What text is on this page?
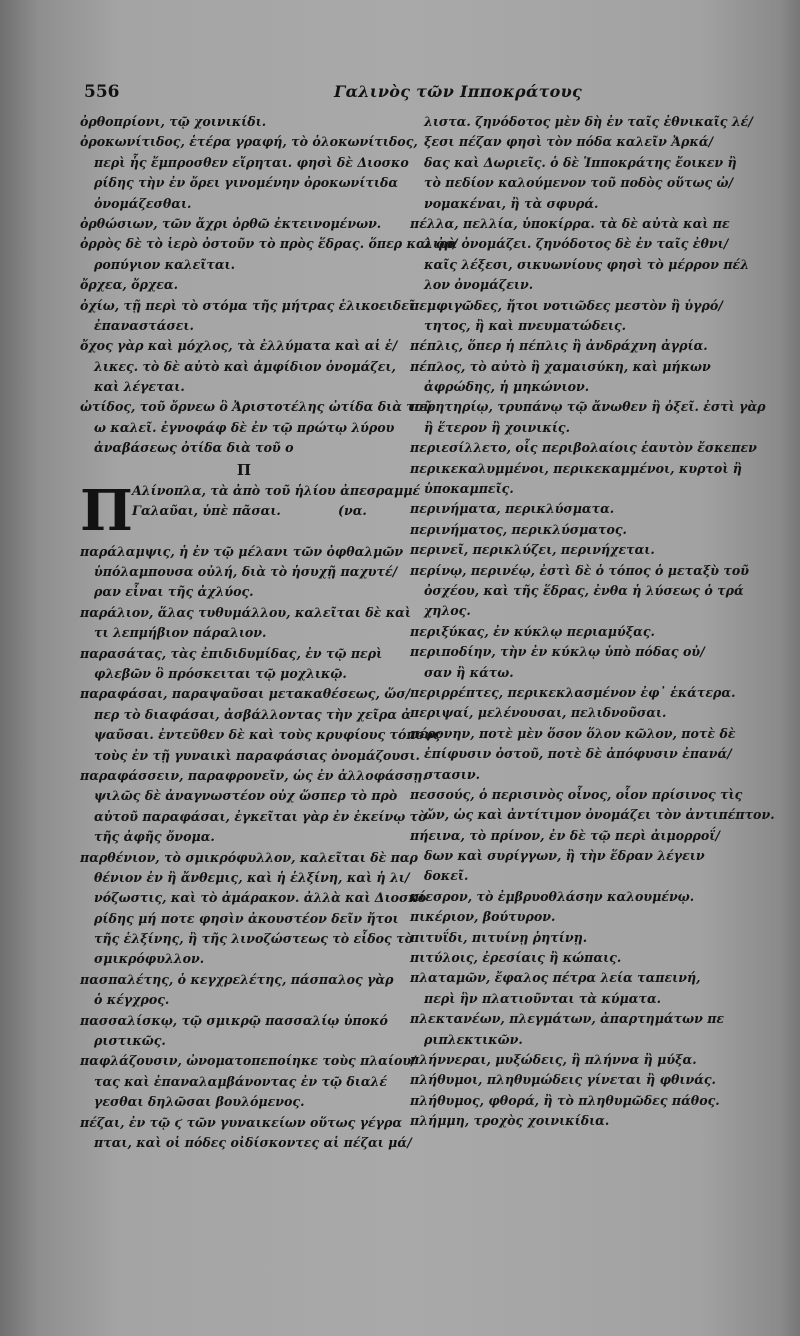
556	Γαλινὸς τῶν Ιπποκράτους
ὀρθοπρίονι, τῷ χοινικίδι.
ὀροκωνίτιδος, ἑτέρα γραφή, τὸ ὁλοκωνίτιδος,
περὶ ἧς ἔμπροσθεν εἴρηται. φησὶ δὲ Διοσκο
ρίδης τὴν ἐν ὄρει γινομένην ὀροκωνίτιδα
ὀνομάζεσθαι.
ὀρθώσιων, τῶν ἄχρι ὀρθῶ ἐκτεινομένων.
ὀρρὸς δὲ τὸ ἱερὸ ὀστοῦν τὸ πρὸς ἕδρας. ὅπερ καὶ ὀρ/
ροπύγιον καλεῖται.
ὄρχεα, ὄρχεα.
ὀχίω, τῇ περὶ τὸ στόμα τῆς μήτρας ἑλικοειδεῖ
ἐπαναστάσει.
ὄχος γὰρ καὶ μόχλος, τὰ ἐλλύματα καὶ αἱ ἑ/
λικες. τὸ δὲ αὐτὸ καὶ ἀμφίδιον ὀνομάζει,
καὶ λέγεται.
ὠτίδος, τοῦ ὄρνεω ὃ Ἀριστοτέλης ὠτίδα διὰ τοῦ
ω καλεῖ. ἐγνοφάφ δὲ ἐν τῷ πρώτῳ λύρου
ἀναβάσεως ὀτίδα διὰ τοῦ ο
Π
Π Αλίνοπλα, τὰ ἀπὸ τοῦ ἡλίου ἀπεσραμμέ
Γαλαῦαι, ὑπὲ πᾶσαι.	(να.
παράλαμψις, ἡ ἐν τῷ μέλανι τῶν ὀφθαλμῶν
ὑπόλαμπουσα οὐλή, διὰ τὸ ἡσυχῇ παχυτέ/
ραν εἶναι τῆς ἀχλύος.
παράλιον, ἅλας τυθυμάλλου, καλεῖται δὲ καὶ
τι λεπμήβιον πάραλιον.
παρασάτας, τὰς ἐπιδιδυμίδας, ἐν τῷ περὶ
φλεβῶν ὃ πρόσκειται τῷ μοχλικῷ.
παραφάσαι, παραψαῦσαι μετακαθέσεως, ὥσ/
περ τὸ διαφάσαι, ἀσβάλλοντας τὴν χεῖρα ἀ
ψαῦσαι. ἐντεῦθεν δὲ καὶ τοὺς κρυφίους τόπους
τοὺς ἐν τῇ γυναικὶ παραφάσιας ὀνομάζουσι.
παραφάσσειν, παραφρονεῖν, ὡς ἐν ἀλλοφάσσῃ.
ψιλῶς δὲ ἀναγνωστέον οὐχ ὥσπερ τὸ πρὸ
αὐτοῦ παραφάσαι, ἐγκεῖται γὰρ ἐν ἐκείνῳ τὸ
τῆς ἀφῆς ὄνομα.
παρθένιον, τὸ σμικρόφυλλον, καλεῖται δὲ παρ
θένιον ἐν ἢ ἄνθεμις, καὶ ἡ ἑλξίνη, καὶ ἡ λι/
νόζωστις, καὶ τὸ ἀμάρακον. ἀλλὰ καὶ Διοσκο
ρίδης μή ποτε φησὶν ἀκουστέον δεῖν ἤτοι
τῆς ἑλξίνης, ἢ τῆς λινοζώστεως τὸ εἶδος τὸ
σμικρόφυλλον.
πασπαλέτης, ὁ κεγχρελέτης, πάσπαλος γὰρ
ὁ κέγχρος.
πασσαλίσκῳ, τῷ σμικρῷ πασσαλίῳ ὑποκό
ριστικῶς.
παφλάζουσιν, ὠνοματοπεποίηκε τοὺς πλαίου/
τας καὶ ἐπαναλαμβάνοντας ἐν τῷ διαλέ
γεσθαι δηλῶσαι βουλόμενος.
πέζαι, ἐν τῷ ϛ τῶν γυναικείων οὕτως γέγρα
πται, καὶ οἱ πόδες οἰδίσκοντες αἱ πέζαι μά/
λιστα. ζηνόδοτος μὲν δὴ ἐν ταῖς ἐθνικαῖς λέ/
ξεσι πέζαν φησὶ τὸν πόδα καλεῖν Ἀρκά/
δας καὶ Δωριεῖς. ὁ δὲ Ἱπποκράτης ἔοικεν ἢ
τὸ πεδίον καλούμενον τοῦ ποδὸς οὕτως ὠ/
νομακέναι, ἢ τὰ σφυρά.
πέλλα, πελλία, ὑποκίρρα. τὰ δὲ αὐτὰ καὶ πε
λιρὰ ὀνομάζει. ζηνόδοτος δὲ ἐν ταῖς ἐθνι/
καῖς λέξεσι, σικυωνίους φησὶ τὸ μέρρον πέλ
λον ὀνομάζειν.
πεμφιγῶδες, ἤτοι νοτιῶδες μεστὸν ἢ ὑγρό/
τητος, ἢ καὶ πνευματώδεις.
πέπλις, ὅπερ ἡ πέπλις ἢ ἀνδράχνη ἀγρία.
πέπλος, τὸ αὐτὸ ἢ χαμαισύκη, καὶ μήκων
ἀφρώδης, ἡ μηκώνιον.
περητηρίῳ, τρυπάνῳ τῷ ἄνωθεν ἢ ὀξεῖ. ἐστὶ γὰρ
ἢ ἕτερον ἢ χοινικίς.
περιεσίλλετο, οἷς περιβολαίοις ἑαυτὸν ἔσκεπεν
περικεκαλυμμένοι, περικεκαμμένοι, κυρτοὶ ἢ
ὑποκαμπεῖς.
περινήματα, περικλύσματα.
περινήματος, περικλύσματος.
περινεῖ, περικλύζει, περινήχεται.
περίνῳ, περινέῳ, ἐστὶ δὲ ὁ τόπος ὁ μεταξὺ τοῦ
ὀσχέου, καὶ τῆς ἕδρας, ἐνθα ἡ λύσεως ὁ τρά
χηλος.
περιξύκας, ἐν κύκλῳ περιαμύξας.
περιποδίην, τὴν ἐν κύκλῳ ὑπὸ πόδας οὐ/
σαν ἢ κάτω.
περιρρέπτες, περικεκλασμένον ἐφ᾽ ἑκάτερα.
περιψαί, μελένουσαι, πελιδνοῦσαι.
πέρονην, ποτὲ μὲν ὅσον ὅλον κῶλον, ποτὲ δὲ
ἐπίφυσιν ὀστοῦ, ποτὲ δὲ ἀπόφυσιν ἐπανά/
στασιν.
πεσσούς, ὁ περισινὸς οἶνος, οἷον πρίσινος τὶς
ὤν, ὡς καὶ ἀντίτιμον ὀνομάζει τὸν ἀντιπέπτον.
πήεινα, τὸ πρίνον, ἐν δὲ τῷ περὶ ἀιμορροΐ/
δων καὶ συρίγγων, ἢ τὴν ἕδραν λέγειν
δοκεῖ.
πίεσρον, τὸ ἐμβρυοθλάσην καλουμένῳ.
πικέριον, βούτυρον.
πιτυΐδι, πιτυίνῃ ῥητίνῃ.
πιτύλοις, ἐρεσίαις ἢ κώπαις.
πλαταμῶν, ἔφαλος πέτρα λεία ταπεινή,
περὶ ἣν πλατιοῦνται τὰ κύματα.
πλεκτανέων, πλεγμάτων, ἀπαρτημάτων πε
ριπλεκτικῶν.
πλήννεραι, μυξώδεις, ἢ πλήννα ἢ μύξα.
πλήθυμοι, πληθυμώδεις γίνεται ἢ φθινάς.
πλήθυμος, φθορά, ἢ τὸ πληθυμῶδες πάθος.
πλήμμη, τροχὸς χοινικίδια.
